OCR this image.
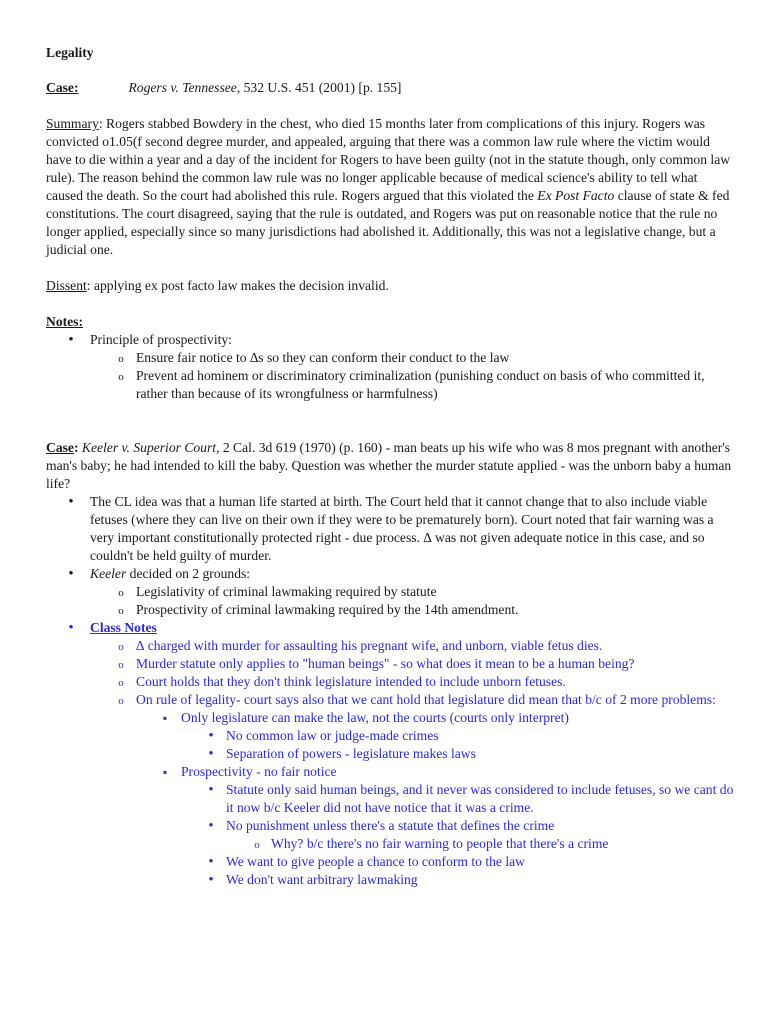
Legality

Case:	Rogers v. Tennessee, 532 U.S. 451 (2001) [p. 155]

Summary: Rogers stabbed Bowdery in the chest, who died 15 months later from complications of this injury. Rogers was convicted o1.05(f second degree murder, and appealed, arguing that there was a common law rule where the victim would have to die within a year and a day of the incident for Rogers to have been guilty (not in the statute though, only common law rule). The reason behind the common law rule was no longer applicable because of medical science's ability to tell what caused the death. So the court had abolished this rule. Rogers argued that this violated the Ex Post Facto clause of state & fed constitutions. The court disagreed, saying that the rule is outdated, and Rogers was put on reasonable notice that the rule no longer applied, especially since so many jurisdictions had abolished it. Additionally, this was not a legislative change, but a judicial one.

Dissent: applying ex post facto law makes the decision invalid.

Notes:

•
Principle of prospectivity:
o
Ensure fair notice to ∆s so they can conform their conduct to the law
o
Prevent ad hominem or discriminatory criminalization (punishing conduct on basis of who committed it, rather than because of its wrongfulness or harmfulness)

Case: Keeler v. Superior Court, 2 Cal. 3d 619 (1970) (p. 160) - man beats up his wife who was 8 mos pregnant with another's man's baby; he had intended to kill the baby. Question was whether the murder statute applied - was the unborn baby a human life?

•
The CL idea was that a human life started at birth. The Court held that it cannot change that to also include viable fetuses (where they can live on their own if they were to be prematurely born). Court noted that fair warning was a very important constitutionally protected right - due process. ∆ was not given adequate notice in this case, and so couldn't be held guilty of murder.
•
Keeler decided on 2 grounds:
o
Legislativity of criminal lawmaking required by statute
o
Prospectivity of criminal lawmaking required by the 14th amendment.
•
Class Notes
o
∆ charged with murder for assaulting his pregnant wife, and unborn, viable fetus dies.
o
Murder statute only applies to "human beings" - so what does it mean to be a human being?
o
Court holds that they don't think legislature intended to include unborn fetuses.
o
On rule of legality- court says also that we cant hold that legislature did mean that b/c of 2 more problems:
▪
Only legislature can make the law, not the courts (courts only interpret)
•
No common law or judge-made crimes
•
Separation of powers - legislature makes laws
▪
Prospectivity - no fair notice
•
Statute only said human beings, and it never was considered to include fetuses, so we cant do it now b/c Keeler did not have notice that it was a crime.
•
No punishment unless there's a statute that defines the crime
o
Why? b/c there's no fair warning to people that there's a crime
•
We want to give people a chance to conform to the law
•
We don't want arbitrary lawmaking
